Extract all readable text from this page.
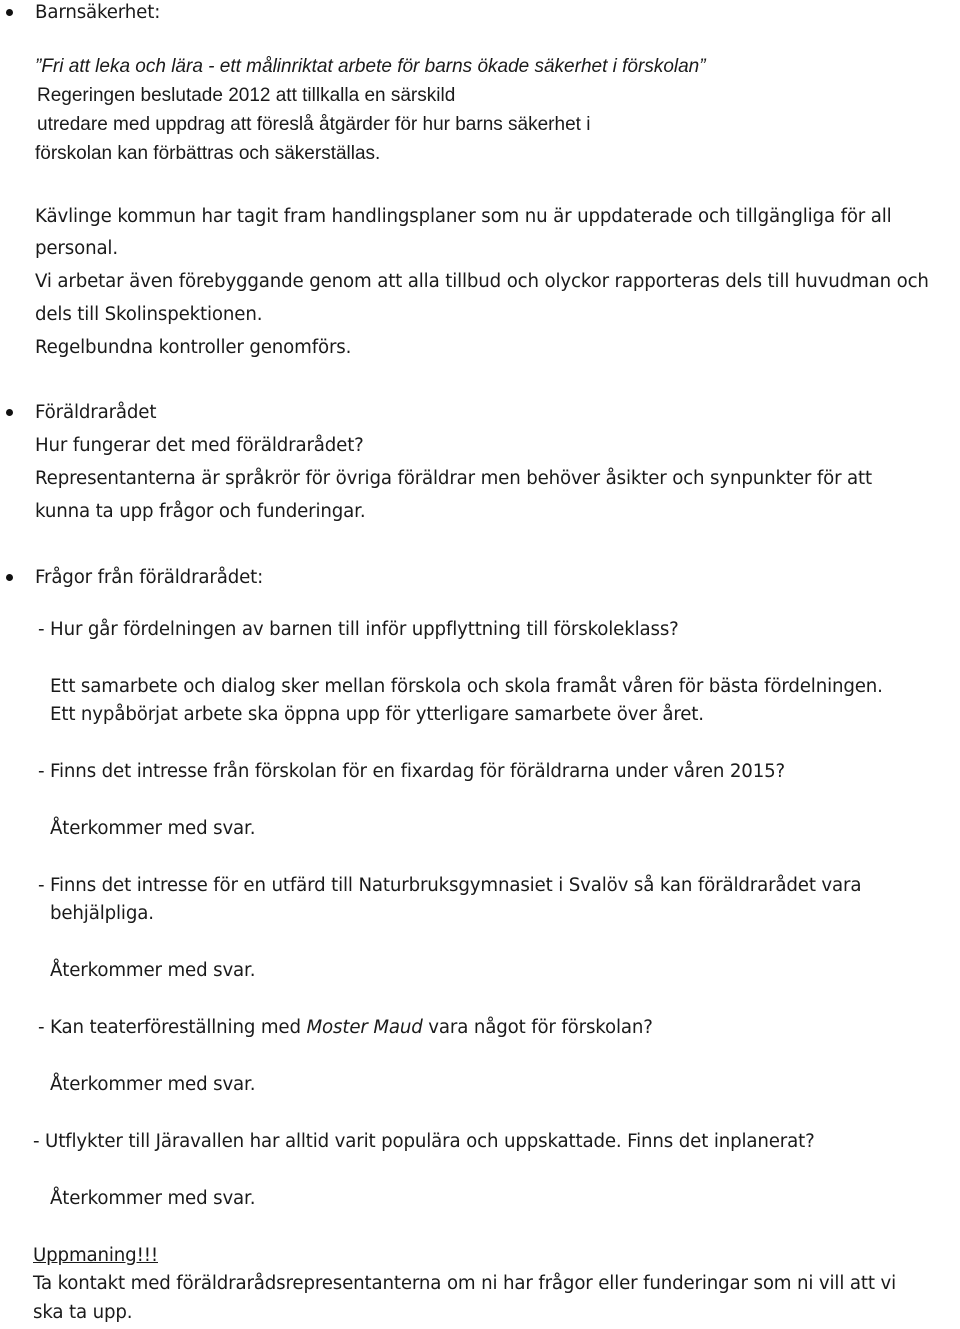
Barnsäkerhet:
”Fri att leka och lära - ett målinriktat arbete för barns ökade säkerhet i förskolan”
Regeringen beslutade 2012 att tillkalla en särskild
utredare med uppdrag att föreslå åtgärder för hur barns säkerhet i
förskolan kan förbättras och säkerställas.
Kävlinge kommun har tagit fram handlingsplaner som nu är uppdaterade och tillgängliga för all
personal.
Vi arbetar även förebyggande genom att alla tillbud och olyckor rapporteras dels till huvudman och
dels till Skolinspektionen.
Regelbundna kontroller genomförs.
Föräldrarådet
Hur fungerar det med föräldrarådet?
Representanterna är språkrör för övriga föräldrar men behöver åsikter och synpunkter för att
kunna ta upp frågor och funderingar.
Frågor från föräldrarådet:
- Hur går fördelningen av barnen till inför uppflyttning till förskoleklass?
Ett samarbete och dialog sker mellan förskola och skola framåt våren för bästa fördelningen.
Ett nypåbörjat arbete ska öppna upp för ytterligare samarbete över året.
- Finns det intresse från förskolan för en fixardag för föräldrarna under våren 2015?
Återkommer med svar.
- Finns det intresse för en utfärd till Naturbruksgymnasiet i Svalöv så kan föräldrarådet vara
behjälpliga.
Återkommer med svar.
- Kan teaterföreställning med Moster Maud vara något för förskolan?
Återkommer med svar.
- Utflykter till Järavallen har alltid varit populära och uppskattade. Finns det inplanerat?
Återkommer med svar.
Uppmaning!!!
Ta kontakt med föräldrarådsrepresentanterna om ni har frågor eller funderingar som ni vill att vi
ska ta upp.
